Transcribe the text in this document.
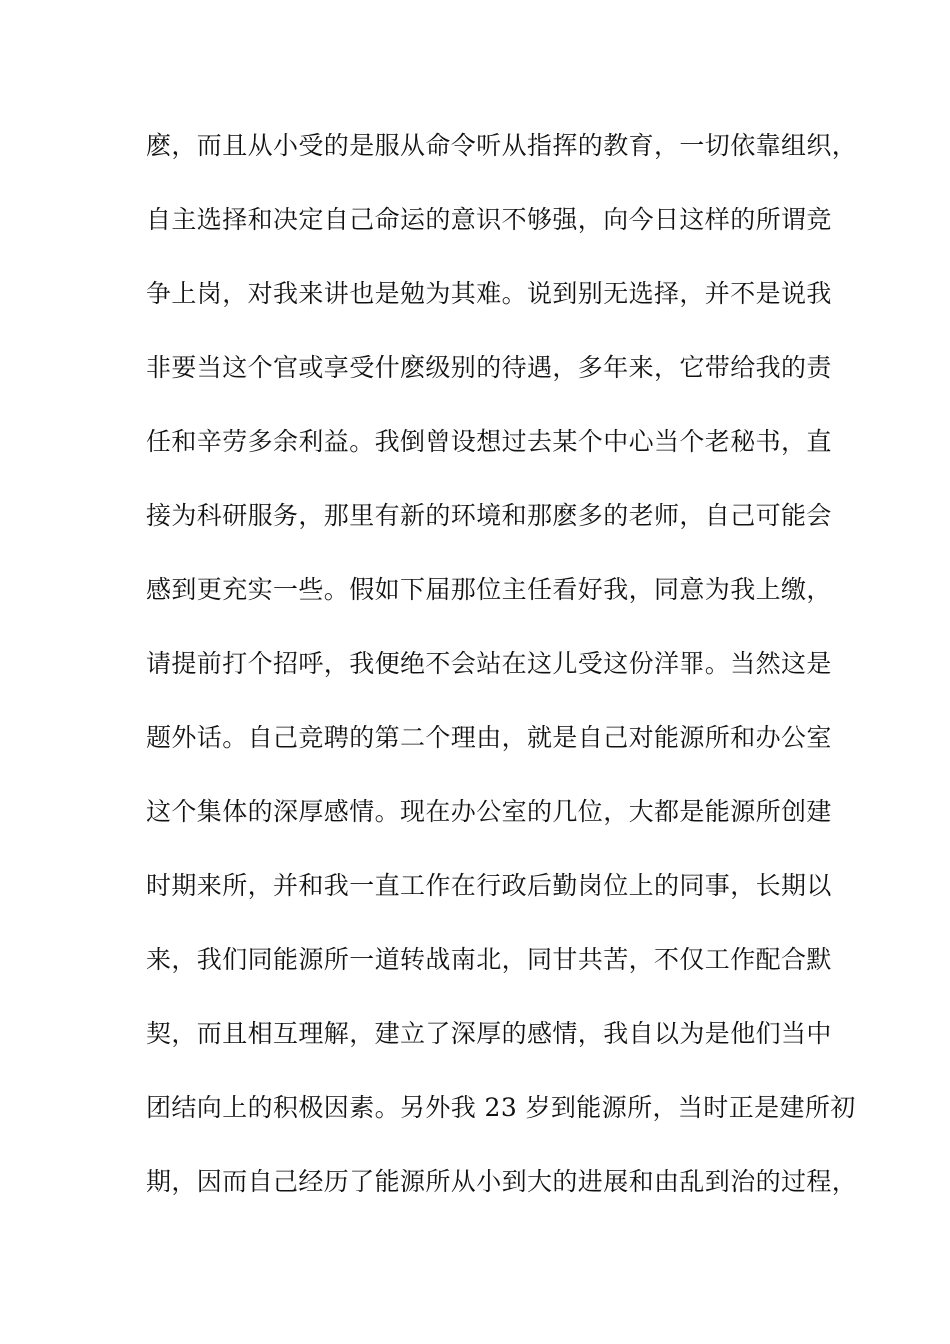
麽，而且从小受的是服从命令听从指挥的教育，一切依靠组织，
自主选择和决定自己命运的意识不够强，向今日这样的所谓竞
争上岗，对我来讲也是勉为其难。说到别无选择，并不是说我
非要当这个官或享受什麽级别的待遇，多年来，它带给我的责
任和辛劳多余利益。我倒曾设想过去某个中心当个老秘书，直
接为科研服务，那里有新的环境和那麽多的老师，自己可能会
感到更充实一些。假如下届那位主任看好我，同意为我上缴，
请提前打个招呼，我便绝不会站在这儿受这份洋罪。当然这是
题外话。自己竞聘的第二个理由，就是自己对能源所和办公室
这个集体的深厚感情。现在办公室的几位，大都是能源所创建
时期来所，并和我一直工作在行政后勤岗位上的同事，长期以
来，我们同能源所一道转战南北，同甘共苦，不仅工作配合默
契，而且相互理解，建立了深厚的感情，我自以为是他们当中
团结向上的积极因素。另外我 23 岁到能源所，当时正是建所初
期，因而自己经历了能源所从小到大的进展和由乱到治的过程，
